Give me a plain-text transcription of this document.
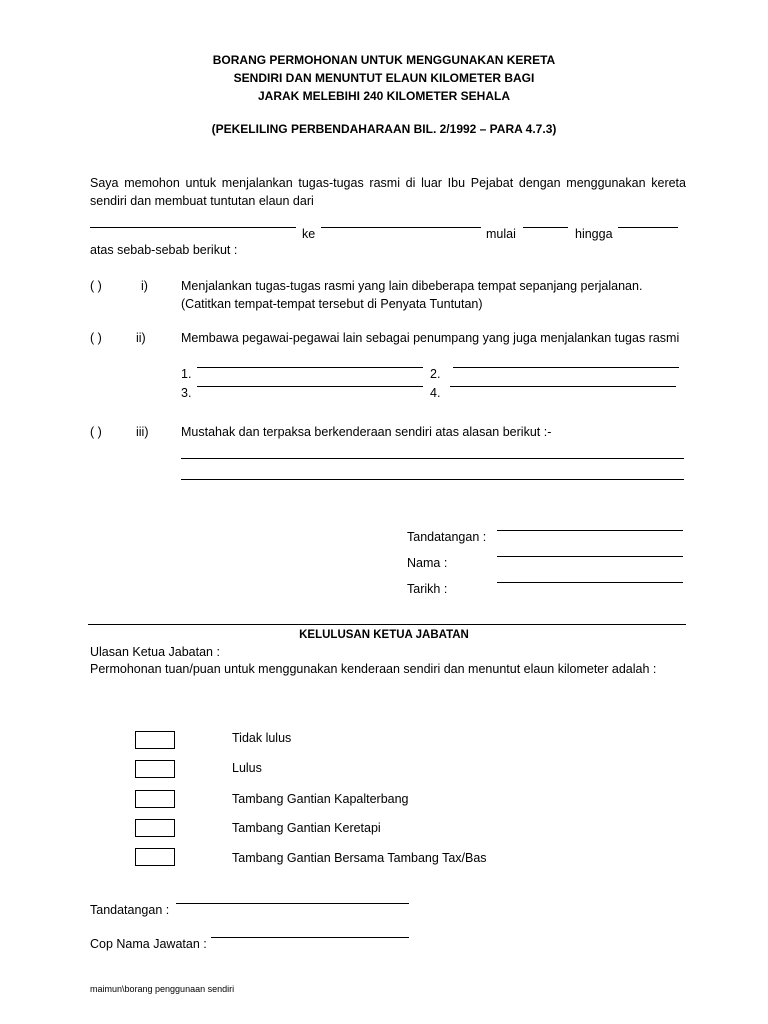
BORANG PERMOHONAN UNTUK MENGGUNAKAN KERETA
SENDIRI DAN MENUNTUT ELAUN KILOMETER BAGI
JARAK MELEBIHI 240 KILOMETER SEHALA
(PEKELILING PERBENDAHARAAN BIL. 2/1992 – PARA 4.7.3)
Saya memohon untuk menjalankan tugas-tugas rasmi di luar Ibu Pejabat dengan menggunakan kereta
sendiri dan membuat tuntutan elaun dari
ke	mulai	hingga
atas sebab-sebab berikut :
( )	i)	Menjalankan tugas-tugas rasmi yang lain dibeberapa tempat sepanjang perjalanan.
(Catitkan tempat-tempat tersebut di Penyata Tuntutan)
( )	ii)	Membawa pegawai-pegawai lain sebagai penumpang yang juga menjalankan tugas rasmi
1.	2.
3.	4.
( )	iii)	Mustahak dan terpaksa berkenderaan sendiri atas alasan berikut :-
Tandatangan :
Nama :
Tarikh :
KELULUSAN KETUA JABATAN
Ulasan Ketua Jabatan :
Permohonan tuan/puan untuk menggunakan kenderaan sendiri dan menuntut elaun kilometer adalah :
Tidak lulus
Lulus
Tambang Gantian Kapalterbang
Tambang Gantian Keretapi
Tambang Gantian Bersama Tambang Tax/Bas
Tandatangan :
Cop Nama Jawatan :
maimun\borang penggunaan sendiri
